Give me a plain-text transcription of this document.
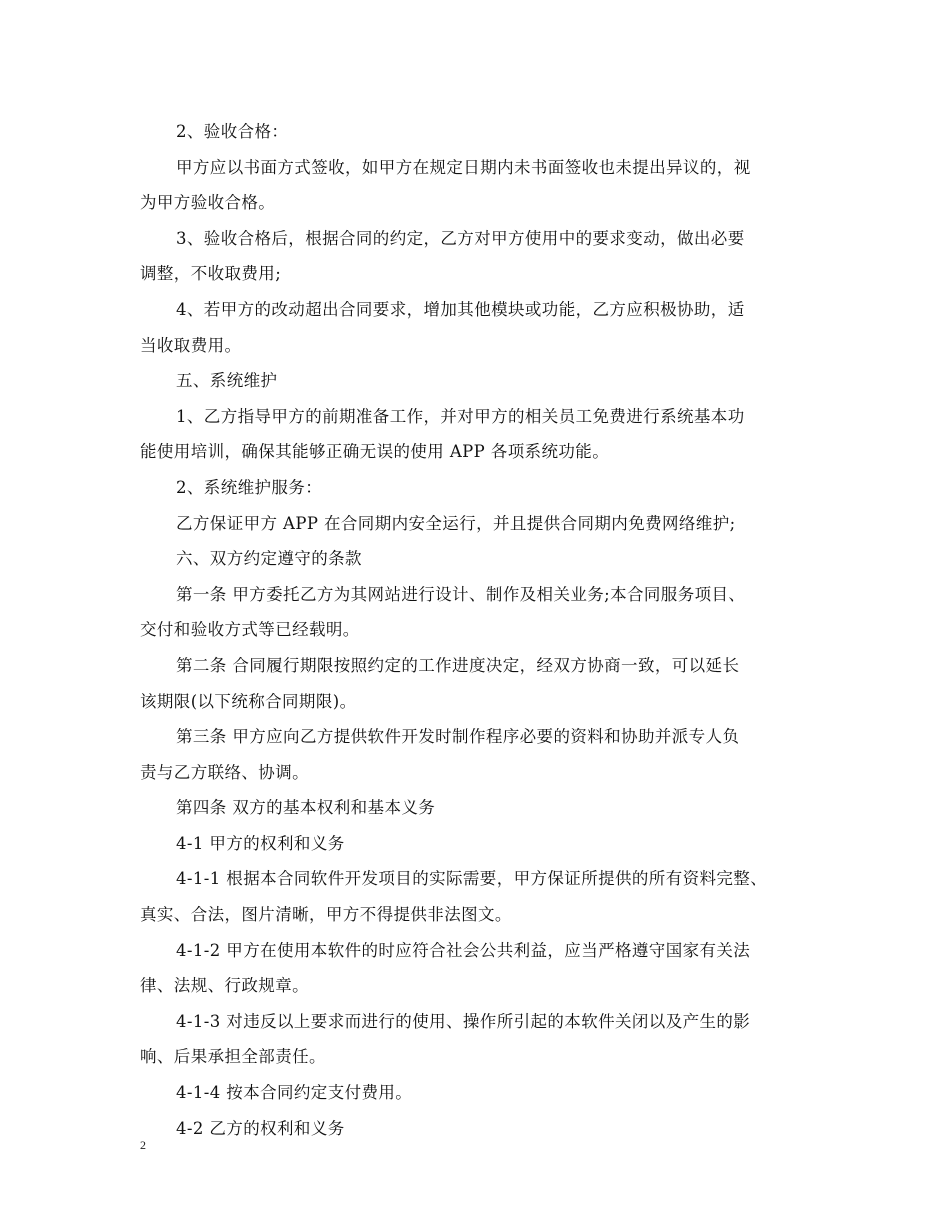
2、验收合格：
甲方应以书面方式签收，如甲方在规定日期内未书面签收也未提出异议的，视
为甲方验收合格。
3、验收合格后，根据合同的约定，乙方对甲方使用中的要求变动，做出必要
调整，不收取费用;
4、若甲方的改动超出合同要求，增加其他模块或功能，乙方应积极协助，适
当收取费用。
五、系统维护
1、乙方指导甲方的前期准备工作，并对甲方的相关员工免费进行系统基本功
能使用培训，确保其能够正确无误的使用 APP 各项系统功能。
2、系统维护服务：
乙方保证甲方 APP 在合同期内安全运行，并且提供合同期内免费网络维护;
六、双方约定遵守的条款
第一条 甲方委托乙方为其网站进行设计、制作及相关业务;本合同服务项目、
交付和验收方式等已经载明。
第二条 合同履行期限按照约定的工作进度决定，经双方协商一致，可以延长
该期限(以下统称合同期限)。
第三条 甲方应向乙方提供软件开发时制作程序必要的资料和协助并派专人负
责与乙方联络、协调。
第四条 双方的基本权利和基本义务
4-1 甲方的权利和义务
4-1-1 根据本合同软件开发项目的实际需要，甲方保证所提供的所有资料完整、
真实、合法，图片清晰，甲方不得提供非法图文。
4-1-2 甲方在使用本软件的时应符合社会公共利益，应当严格遵守国家有关法
律、法规、行政规章。
4-1-3 对违反以上要求而进行的使用、操作所引起的本软件关闭以及产生的影
响、后果承担全部责任。
4-1-4 按本合同约定支付费用。
4-2 乙方的权利和义务
2
